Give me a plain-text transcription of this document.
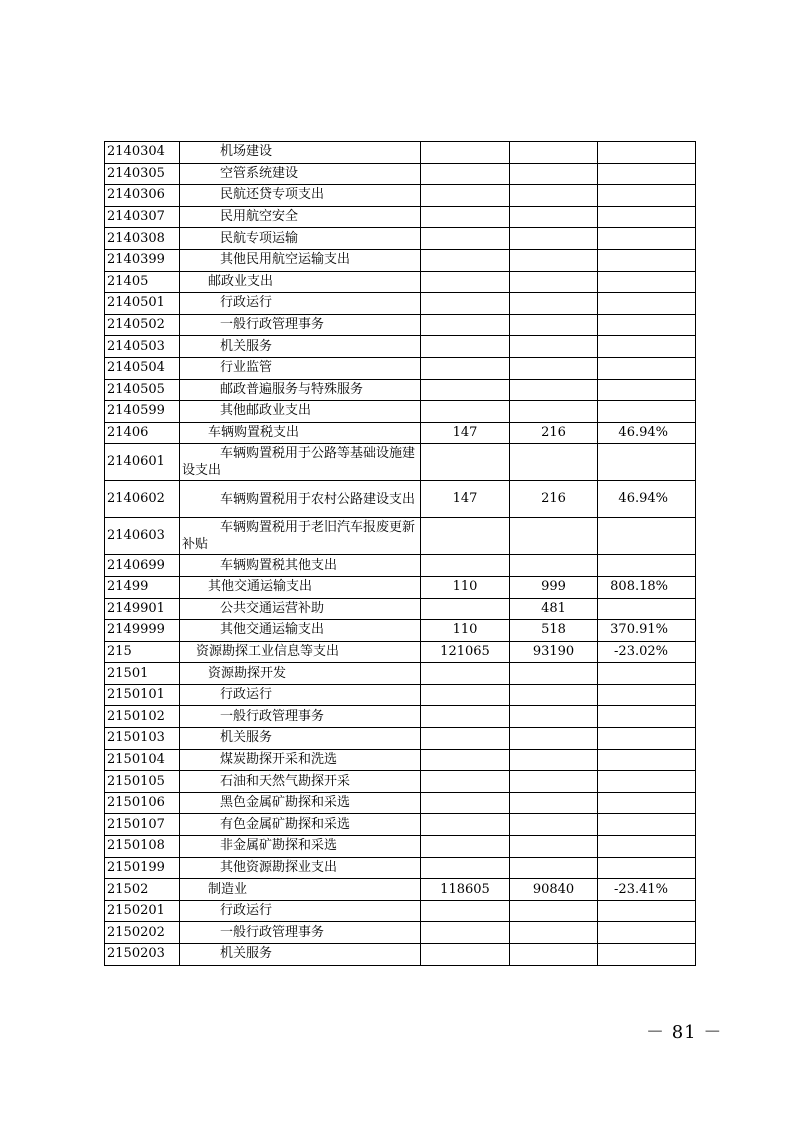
2140304	机场建设			
2140305	空管系统建设			
2140306	民航还贷专项支出			
2140307	民用航空安全			
2140308	民航专项运输			
2140399	其他民用航空运输支出			
21405	邮政业支出			
2140501	行政运行			
2140502	一般行政管理事务			
2140503	机关服务			
2140504	行业监管			
2140505	邮政普遍服务与特殊服务			
2140599	其他邮政业支出			
21406	车辆购置税支出	147	216	46.94%
2140601	车辆购置税用于公路等基础设施建设支出			
2140602	车辆购置税用于农村公路建设支出	147	216	46.94%
2140603	车辆购置税用于老旧汽车报废更新补贴			
2140699	车辆购置税其他支出			
21499	其他交通运输支出	110	999	808.18%
2149901	公共交通运营补助		481	
2149999	其他交通运输支出	110	518	370.91%
215	资源勘探工业信息等支出	121065	93190	-23.02%
21501	资源勘探开发			
2150101	行政运行			
2150102	一般行政管理事务			
2150103	机关服务			
2150104	煤炭勘探开采和洗选			
2150105	石油和天然气勘探开采			
2150106	黑色金属矿勘探和采选			
2150107	有色金属矿勘探和采选			
2150108	非金属矿勘探和采选			
2150199	其他资源勘探业支出			
21502	制造业	118605	90840	-23.41%
2150201	行政运行			
2150202	一般行政管理事务			
2150203	机关服务			
－ 81 －
